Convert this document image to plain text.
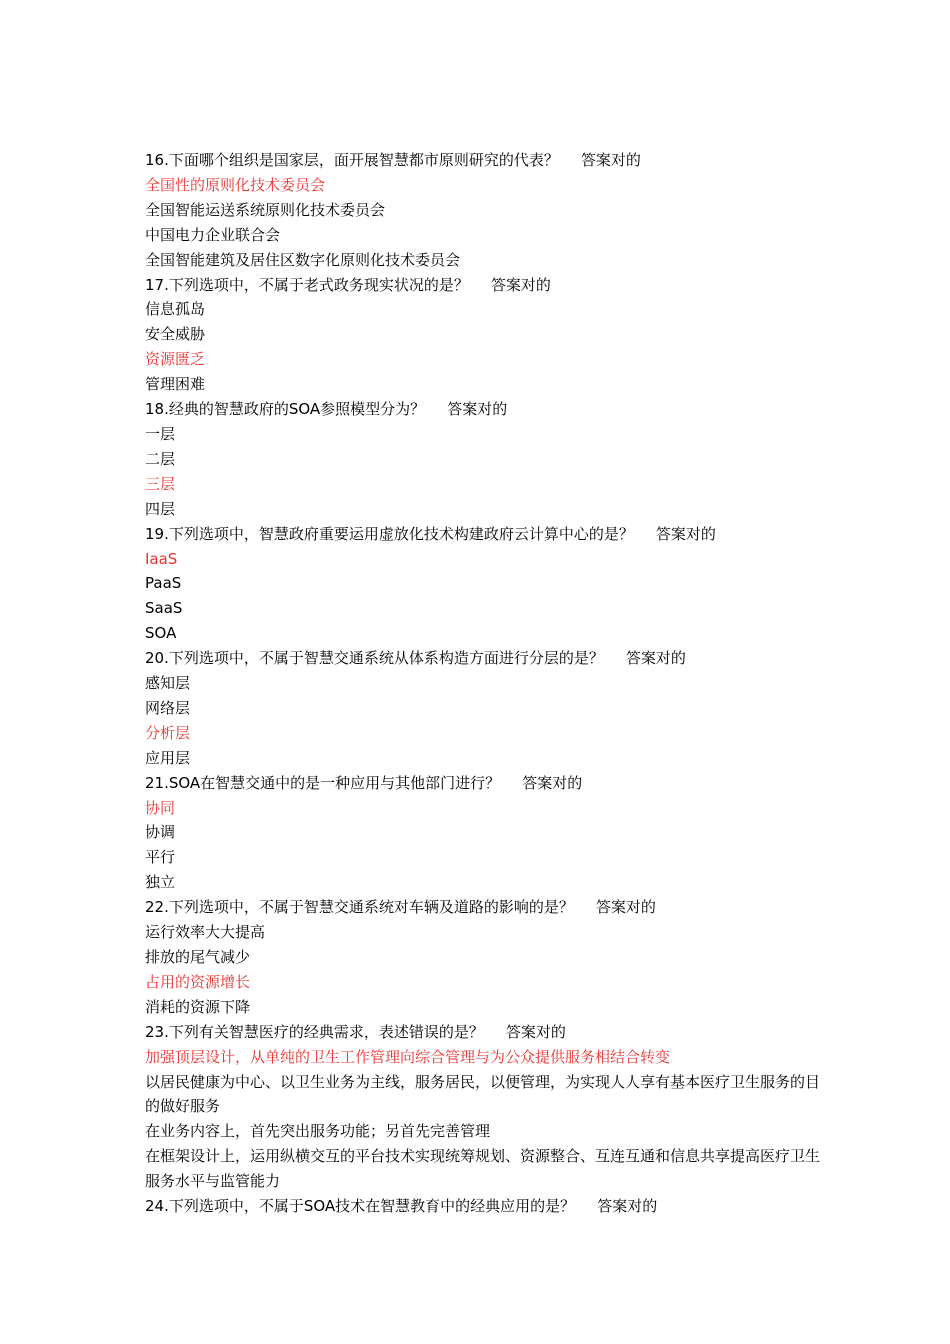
16.下面哪个组织是国家层，面开展智慧都市原则研究的代表？ 答案对的

全国性的原则化技术委员会

全国智能运送系统原则化技术委员会

中国电力企业联合会

全国智能建筑及居住区数字化原则化技术委员会

17.下列选项中，不属于老式政务现实状况的是？ 答案对的

信息孤岛

安全威胁

资源匮乏

管理困难

18.经典的智慧政府的SOA参照模型分为？ 答案对的

一层

二层

三层

四层

19.下列选项中，智慧政府重要运用虚放化技术构建政府云计算中心的是？ 答案对的

IaaS

PaaS

SaaS

SOA

20.下列选项中，不属于智慧交通系统从体系构造方面进行分层的是？ 答案对的

感知层

网络层

分析层

应用层

21.SOA在智慧交通中的是一种应用与其他部门进行？ 答案对的

协同

协调

平行

独立

22.下列选项中，不属于智慧交通系统对车辆及道路的影响的是？ 答案对的

运行效率大大提高

排放的尾气减少

占用的资源增长

消耗的资源下降

23.下列有关智慧医疗的经典需求，表述错误的是？ 答案对的

加强顶层设计，从单纯的卫生工作管理向综合管理与为公众提供服务相结合转变

以居民健康为中心、以卫生业务为主线，服务居民，以便管理，为实现人人享有基本医疗卫生服务的目的做好服务

在业务内容上，首先突出服务功能；另首先完善管理

在框架设计上，运用纵横交互的平台技术实现统筹规划、资源整合、互连互通和信息共享提高医疗卫生服务水平与监管能力

24.下列选项中，不属于SOA技术在智慧教育中的经典应用的是？ 答案对的
